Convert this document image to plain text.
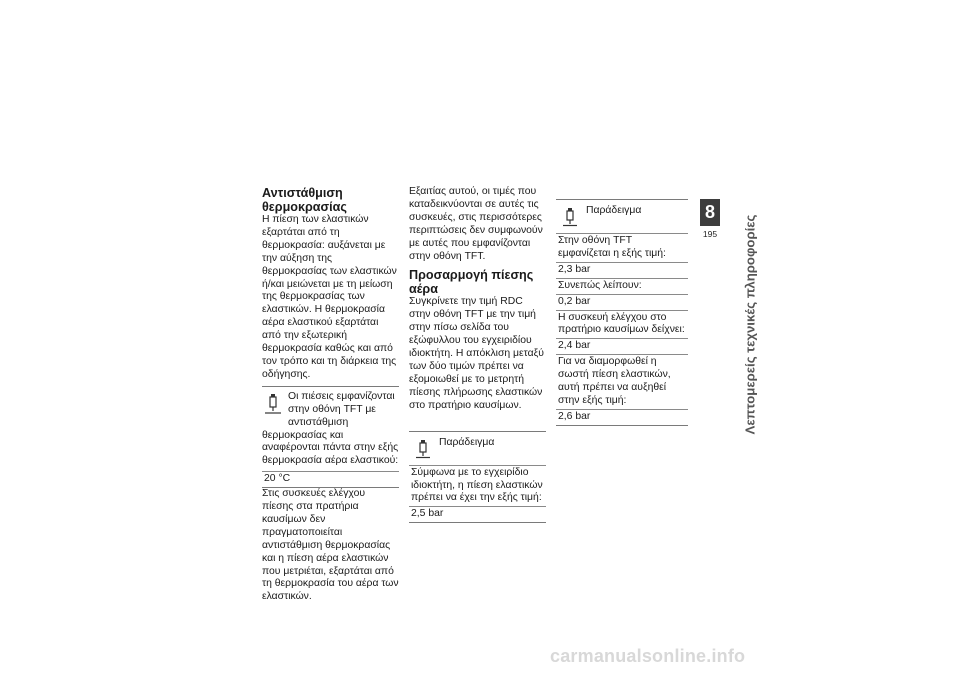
Αντιστάθμιση θερμοκρασίας

Η πίεση των ελαστικών εξαρτάται από τη θερμοκρασία: αυξάνεται με την αύξηση της θερμοκρασίας των ελαστικών ή/και μειώνεται με τη μείωση της θερμοκρασίας των ελαστικών. Η θερμοκρασία αέρα ελαστικού εξαρτάται από την εξωτερική θερμοκρασία καθώς και από τον τρόπο και τη διάρκεια της οδήγησης.

Οι πιέσεις εμφανίζονται στην οθόνη TFT με αντιστάθμιση θερμοκρασίας και αναφέρονται πάντα στην εξής θερμοκρασία αέρα ελαστικού:
20 °C

Στις συσκευές ελέγχου πίεσης στα πρατήρια καυσίμων δεν πραγματοποιείται αντιστάθμιση θερμοκρασίας και η πίεση αέρα ελαστικών που μετριέται, εξαρτάται από τη θερμοκρασία του αέρα των ελαστικών.

Εξαιτίας αυτού, οι τιμές που καταδεικνύονται σε αυτές τις συσκευές, στις περισσότερες περιπτώσεις δεν συμφωνούν με αυτές που εμφανίζονται στην οθόνη TFT.

Προσαρμογή πίεσης αέρα

Συγκρίνετε την τιμή RDC στην οθόνη TFT με την τιμή στην πίσω σελίδα του εξώφυλλου του εγχειριδίου ιδιοκτήτη. Η απόκλιση μεταξύ των δύο τιμών πρέπει να εξομοιωθεί με το μετρητή πίεσης πλήρωσης ελαστικών στο πρατήριο καυσίμων.

Παράδειγμα
Σύμφωνα με το εγχειρίδιο ιδιοκτήτη, η πίεση ελαστικών πρέπει να έχει την εξής τιμή:
2,5 bar
Παράδειγμα
Στην οθόνη TFT εμφανίζεται η εξής τιμή:
2,3 bar
Συνεπώς λείπουν:
0,2 bar
Η συσκευή ελέγχου στο πρατήριο καυσίμων δείχνει:
2,4 bar
Για να διαμορφωθεί η σωστή πίεση ελαστικών, αυτή πρέπει να αυξηθεί στην εξής τιμή:
2,6 bar
8
195 Λεπτομερείς τεχνικές πληροφορίες
carmanualsonline.info
